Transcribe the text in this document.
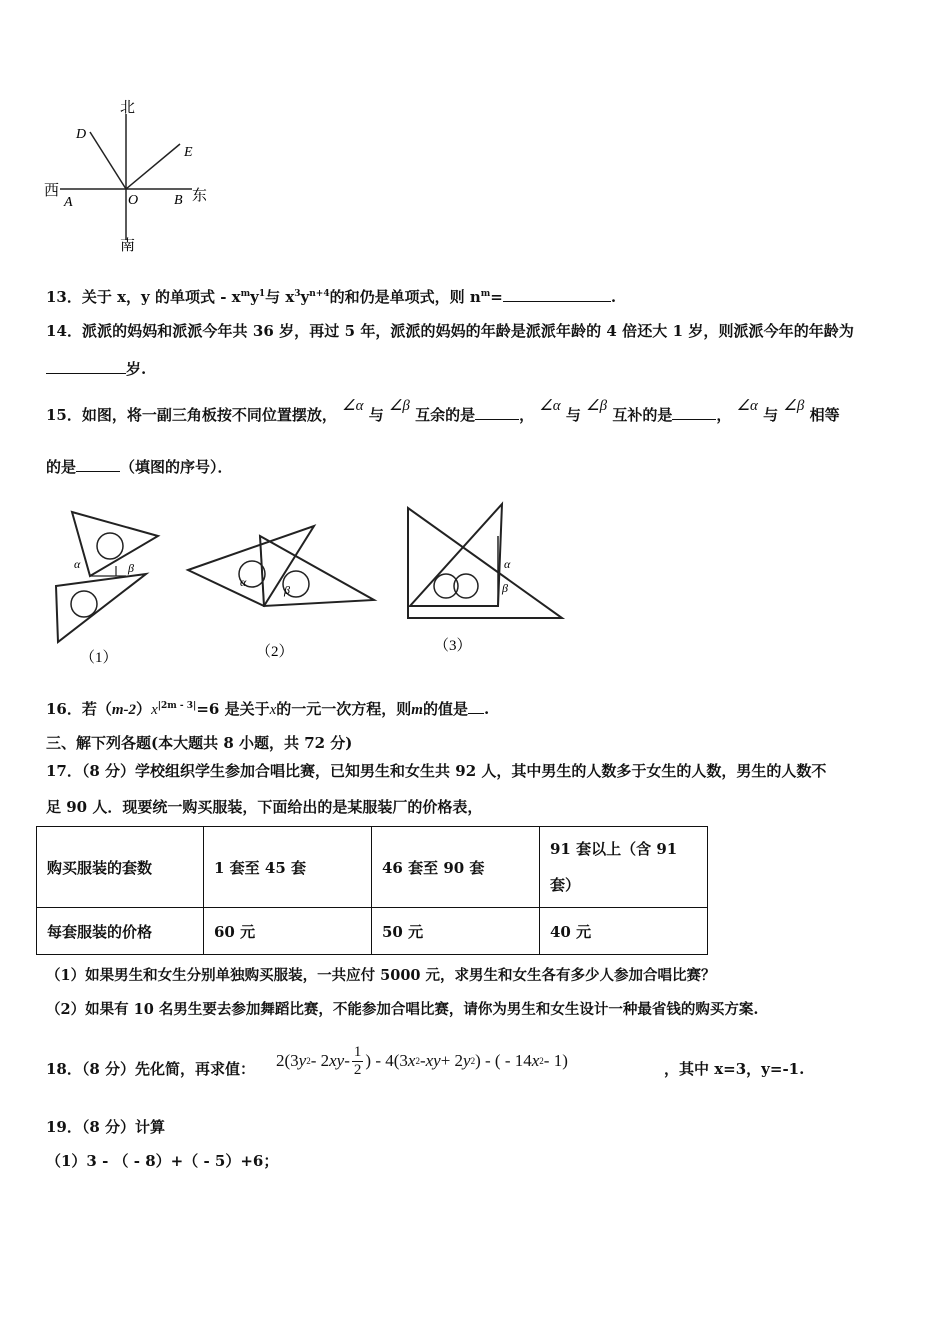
北
南
西	东
D
E
A	O	B
13．关于 x，y 的单项式 - $x^my^1$与 $x^3y^{n+4}$的和仍是单项式，则 $n^m=$	.
14．派派的妈妈和派派今年共 36 岁，再过 5 年，派派的妈妈的年龄是派派年龄的 4 倍还大 1 岁，则派派今年的年龄为
岁.
15．如图，将一副三角板按不同位置摆放， ∠α 与 ∠β 互余的是	， ∠α 与 ∠β 互补的是	， ∠α 与 ∠β 相等
的是	（填图的序号）．
α	β
（1）
α
β
（2）
α
β
（3）
16．若$(m-2)x^{|2m - 3|}=6$ 是关于x的一元一次方程，则m的值是 .
三、解下列各题(本大题共 8 小题，共 72 分)
17．（8 分）学校组织学生参加合唱比赛，已知男生和女生共 92 人，其中男生的人数多于女生的人数，男生的人数不
足 90 人．现要统一购买服装，下面给出的是某服装厂的价格表，
购买服装的套数	1 套至 45 套	46 套至 90 套	91 套以上（含 91
套）
每套服装的价格	60 元	50 元	40 元
（1）如果男生和女生分别单独购买服装，一共应付 5000 元，求男生和女生各有多少人参加合唱比赛？
（2）如果有 10 名男生要去参加舞蹈比赛，不能参加合唱比赛，请你为男生和女生设计一种最省钱的购买方案.
18．（8 分）先化简，再求值： 2(3 y 2 - 2 xy - 1
2 ) - 4(3 x 2 - xy + 2 y 2 ) - ( - 14 x 2 - 1)	，其中 x=3，y=-1.
19．（8 分）计算
（1）3 - （ - 8）+（ - 5）+6；
